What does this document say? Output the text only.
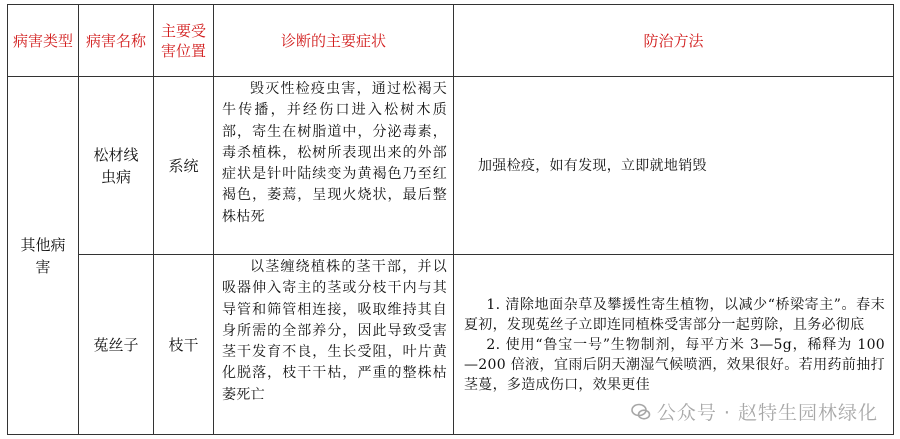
病害类型	病害名称	主要受害位置	诊断的主要症状	防治方法
其他病害	松材线虫病	系统	毁灭性检疫虫害，通过松褐天牛传播，并经伤口进入松树木质部，寄生在树脂道中，分泌毒素，毒杀植株，松树所表现出来的外部症状是针叶陆续变为黄褐色乃至红褐色，萎蔫，呈现火烧状，最后整株枯死	加强检疫，如有发现，立即就地销毁

	菟丝子	枝干	以茎缠绕植株的茎干部，并以吸器伸入寄主的茎或分枝干内与其导管和筛管相连接，吸取维持其自身所需的全部养分，因此导致受害茎干发育不良，生长受阻，叶片黄化脱落，枝干干枯，严重的整株枯萎死亡	1. 清除地面杂草及攀援性寄生植物，以减少“桥梁寄主”。春末夏初，发现菟丝子立即连同植株受害部分一起剪除，且务必彻底

2. 使用“鲁宝一号”生物制剂，每平方米 3—5g，稀释为 100—200 倍液，宜雨后阴天潮湿气候喷洒，效果很好。若用药前抽打茎蔓，多造成伤口，效果更佳

公众号 · 赵特生园林绿化
